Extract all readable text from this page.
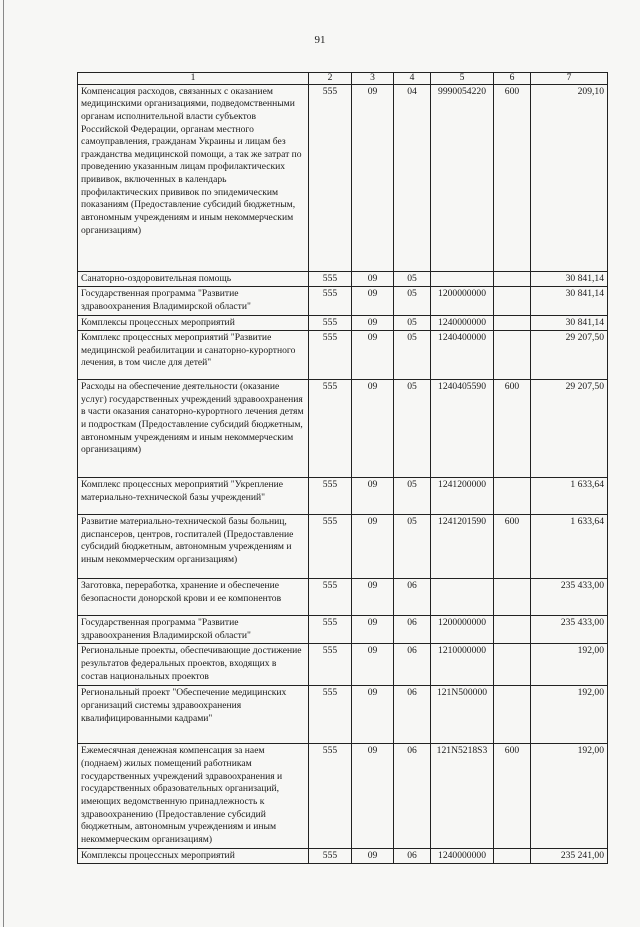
91
1	2	3	4	5	6	7
Компенсация расходов, связанных с оказанием медицинскими организациями, подведомственными органам исполнительной власти субъектов Российской Федерации, органам местного самоуправления, гражданам Украины и лицам без гражданства медицинской помощи, а так же затрат по проведению указанным лицам профилактических прививок, включенных в календарь профилактических прививок по эпидемическим показаниям (Предоставление субсидий бюджетным, автономным учреждениям и иным некоммерческим организациям)	555	09	04	9990054220	600	209,10
Санаторно-оздоровительная помощь	555	09	05			30 841,14
Государственная программа "Развитие здравоохранения Владимирской области"	555	09	05	1200000000		30 841,14
Комплексы процессных мероприятий	555	09	05	1240000000		30 841,14
Комплекс процессных мероприятий "Развитие медицинской реабилитации и санаторно-курортного лечения, в том числе для детей"	555	09	05	1240400000		29 207,50
Расходы на обеспечение деятельности (оказание услуг) государственных учреждений здравоохранения в части оказания санаторно-курортного лечения детям и подросткам (Предоставление субсидий бюджетным, автономным учреждениям и иным некоммерческим организациям)	555	09	05	1240405590	600	29 207,50
Комплекс процессных мероприятий "Укрепление материально-технической базы учреждений"	555	09	05	1241200000		1 633,64
Развитие материально-технической базы больниц, диспансеров, центров, госпиталей (Предоставление субсидий бюджетным, автономным учреждениям и иным некоммерческим организациям)	555	09	05	1241201590	600	1 633,64
Заготовка, переработка, хранение и обеспечение безопасности донорской крови и ее компонентов	555	09	06			235 433,00
Государственная программа "Развитие здравоохранения Владимирской области"	555	09	06	1200000000		235 433,00
Региональные проекты, обеспечивающие достижение результатов федеральных проектов, входящих в состав национальных проектов	555	09	06	1210000000		192,00
Региональный проект "Обеспечение медицинских организаций системы здравоохранения квалифицированными кадрами"	555	09	06	121N500000		192,00
Ежемесячная денежная компенсация за наем (поднаем) жилых помещений работникам государственных учреждений здравоохранения и государственных образовательных организаций, имеющих ведомственную принадлежность к здравоохранению (Предоставление субсидий бюджетным, автономным учреждениям и иным некоммерческим организациям)	555	09	06	121N5218S3	600	192,00
Комплексы процессных мероприятий	555	09	06	1240000000		235 241,00
